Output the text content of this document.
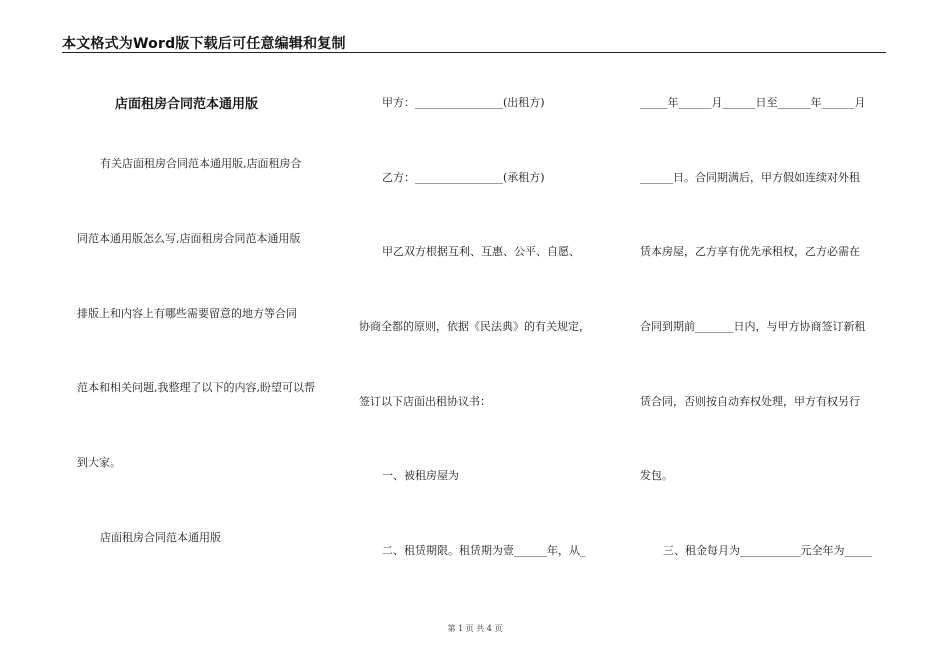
本文格式为Word版下载后可任意编辑和复制
店面租房合同范本通用版
有关店面租房合同范本通用版,店面租房合
同范本通用版怎么写,店面租房合同范本通用版
排版上和内容上有哪些需要留意的地方等合同
范本和相关问题,我整理了以下的内容,盼望可以帮
到大家。
店面租房合同范本通用版
甲方：________________(出租方)
乙方：________________(承租方)
甲乙双方根据互利、互惠、公平、自愿、
协商全都的原则，依据《民法典》的有关规定，
签订以下店面出租协议书：
一、被租房屋为
二、租赁期限。租赁期为壹______年，从_
_____年______月______日至______年______月
______日。合同期满后，甲方假如连续对外租
赁本房屋，乙方享有优先承租权，乙方必需在
合同到期前_______日内，与甲方协商签订新租
赁合同，否则按自动弃权处理，甲方有权另行
发包。
三、租金每月为___________元全年为_____
第 1 页 共 4 页
